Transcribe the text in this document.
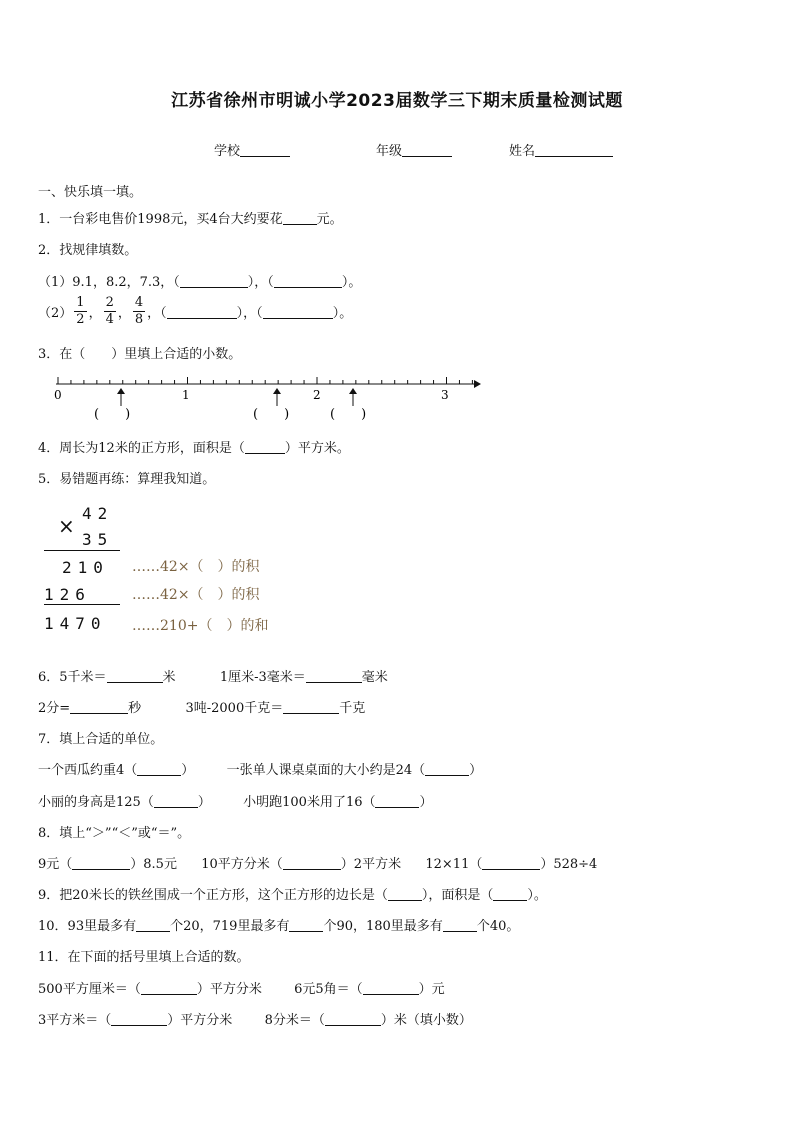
江苏省徐州市明诚小学2023届数学三下期末质量检测试题
学校	年级	姓名
一、快乐填一填。
1．一台彩电售价1998元，买4台大约要花	元。
2．找规律填数。
（1）9.1，8.2，7.3，（	），（	）。
$(2) \frac{1}{2}$ ， $\frac{2}{4}$ ， $\frac{4}{8}$ ，（	），（	）。
3．在（　　）里填上合适的小数。
0	1	2	3
(　　)	(　　)	(　　)
4．周长为12米的正方形，面积是（	）平方米。
5．易错题再练：算理我知道。
42
×
35
210 ……42×（　）的积
126	……42×（　）的积
1470 ……210+（　）的和
6．5千米＝	米	1厘米-3毫米＝	毫米
2分=	秒	3吨-2000千克＝	千克
7．填上合适的单位。
一个西瓜约重4（	） 一张单人课桌桌面的大小约是24（	）
小丽的身高是125（	） 小明跑100米用了16（	）
8．填上“＞”“＜”或“＝”。
9元（	）8.5元 10平方分米（	）2平方米 12×11（	）528÷4
9．把20米长的铁丝围成一个正方形，这个正方形的边长是（	），面积是（	）。
10．93里最多有	个20，719里最多有	个90，180里最多有	个40。
11．在下面的括号里填上合适的数。
500平方厘米＝（	）平方分米 6元5角＝（	）元
3平方米＝（	）平方分米 8分米＝（	）米（填小数）
